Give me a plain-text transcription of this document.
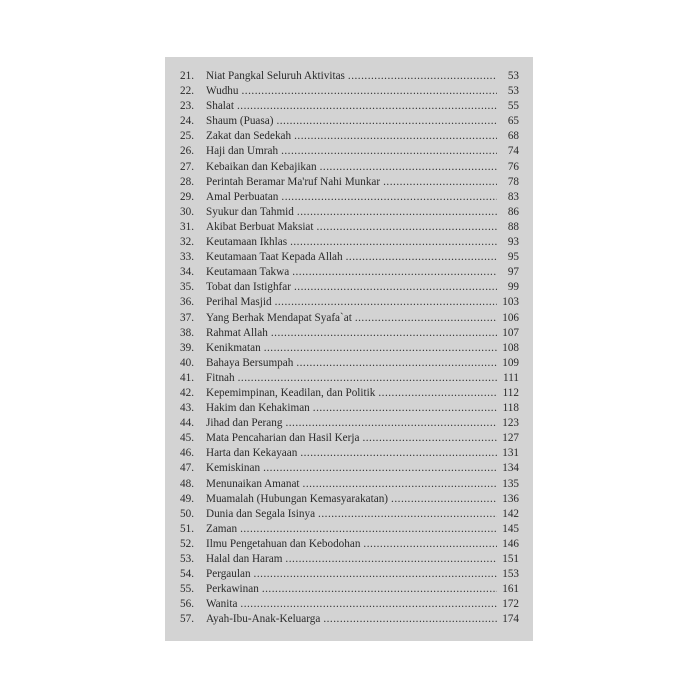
21.	Niat Pangkal Seluruh Aktivitas .....	53
22.	Wudhu .....	53
23.	Shalat .....	55
24.	Shaum (Puasa) .....	65
25.	Zakat dan Sedekah .....	68
26.	Haji dan Umrah .....	74
27.	Kebaikan dan Kebajikan .....	76
28.	Perintah Beramar Ma'ruf Nahi Munkar .....	78
29.	Amal Perbuatan .....	83
30.	Syukur dan Tahmid .....	86
31.	Akibat Berbuat Maksiat .....	88
32.	Keutamaan Ikhlas .....	93
33.	Keutamaan Taat Kepada Allah .....	95
34.	Keutamaan Takwa .....	97
35.	Tobat dan Istighfar .....	99
36.	Perihal Masjid .....	103
37.	Yang Berhak Mendapat Syafa`at .....	106
38.	Rahmat Allah .....	107
39.	Kenikmatan .....	108
40.	Bahaya Bersumpah .....	109
41.	Fitnah .....	111
42.	Kepemimpinan, Keadilan, dan Politik .....	112
43.	Hakim dan Kehakiman .....	118
44.	Jihad dan Perang .....	123
45.	Mata Pencaharian dan Hasil Kerja .....	127
46.	Harta dan Kekayaan .....	131
47.	Kemiskinan .....	134
48.	Menunaikan Amanat .....	135
49.	Muamalah (Hubungan Kemasyarakatan) .....	136
50.	Dunia dan Segala Isinya .....	142
51.	Zaman .....	145
52.	Ilmu Pengetahuan dan Kebodohan .....	146
53.	Halal dan Haram .....	151
54.	Pergaulan .....	153
55.	Perkawinan .....	161
56.	Wanita .....	172
57.	Ayah-Ibu-Anak-Keluarga .....	174
